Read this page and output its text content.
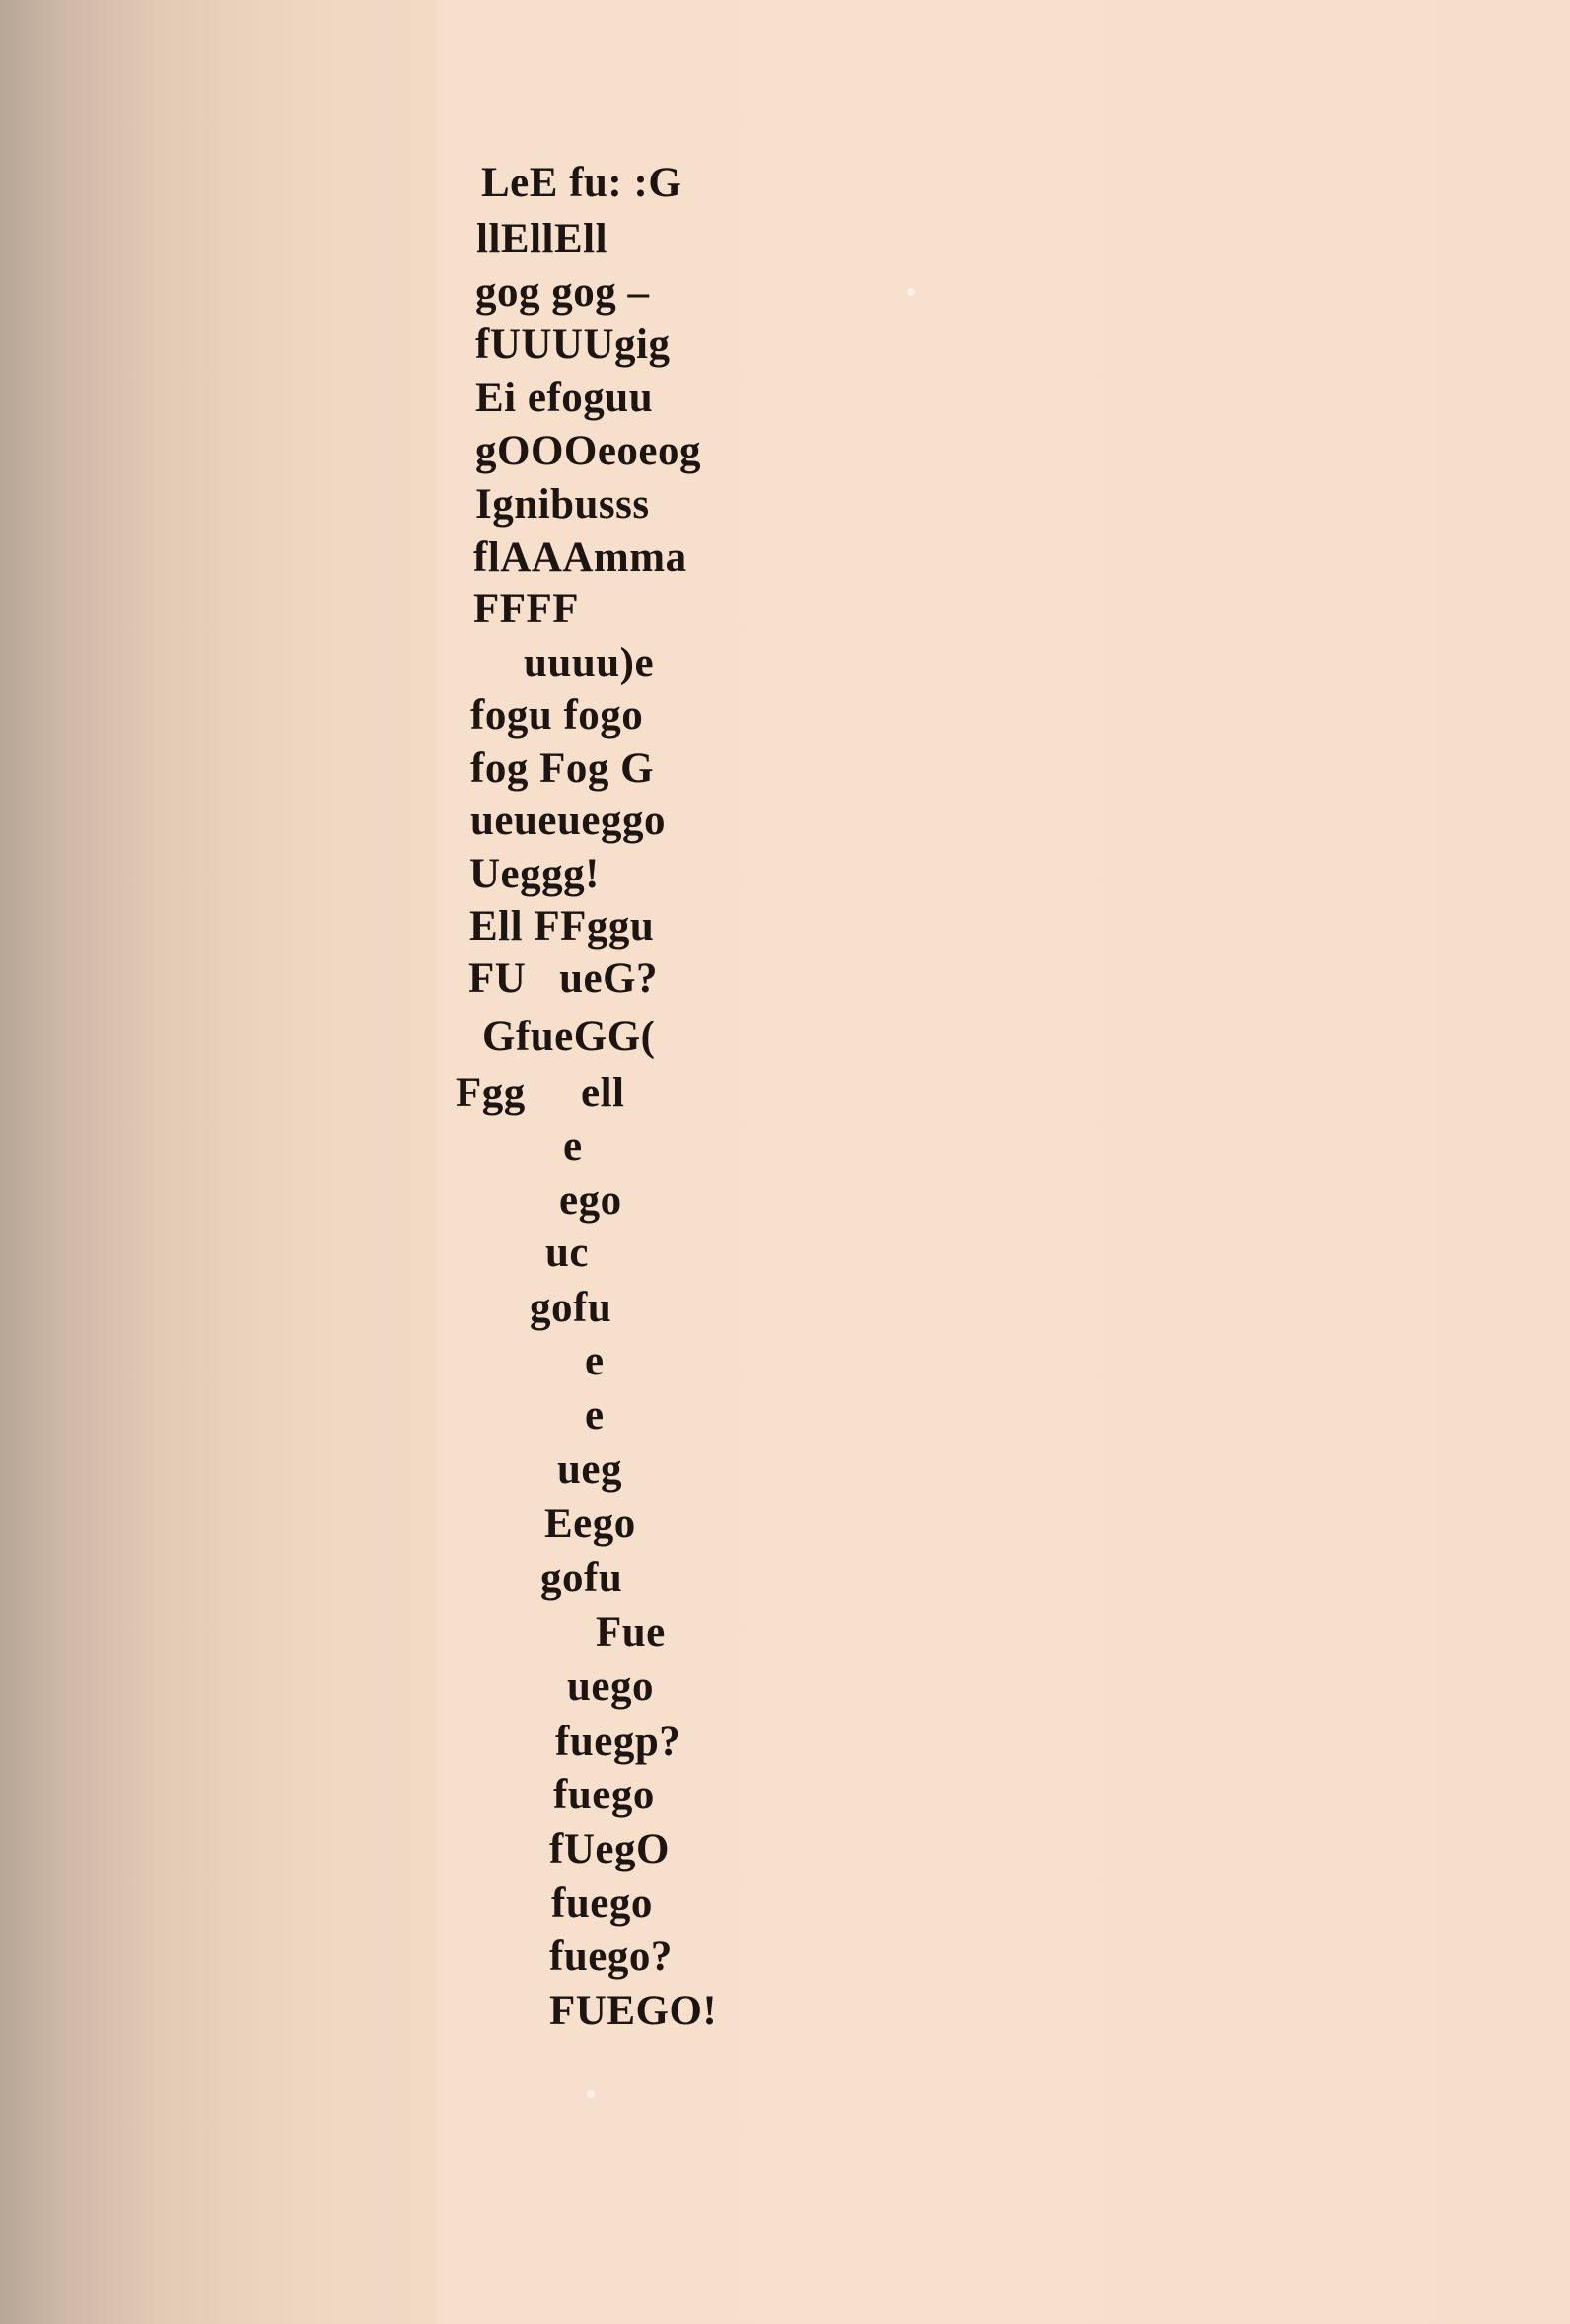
LeE fu: :G
llEllEll
gog gog –
fUUUUgig
Ei efoguu
gOOOeoeog
Ignibusss
flAAAmma
FFFF
uuuu)e
fogu fogo
fog Fog G
ueueueggo
Ueggg!
Ell FFggu
FU   ueG?
GfueGG(
Fgg     ell
e
ego
uc
gofu
e
e
ueg
Eego
gofu
Fue
uego
fuegp?
fuego
fUegO
fuego
fuego?
FUEGO!
